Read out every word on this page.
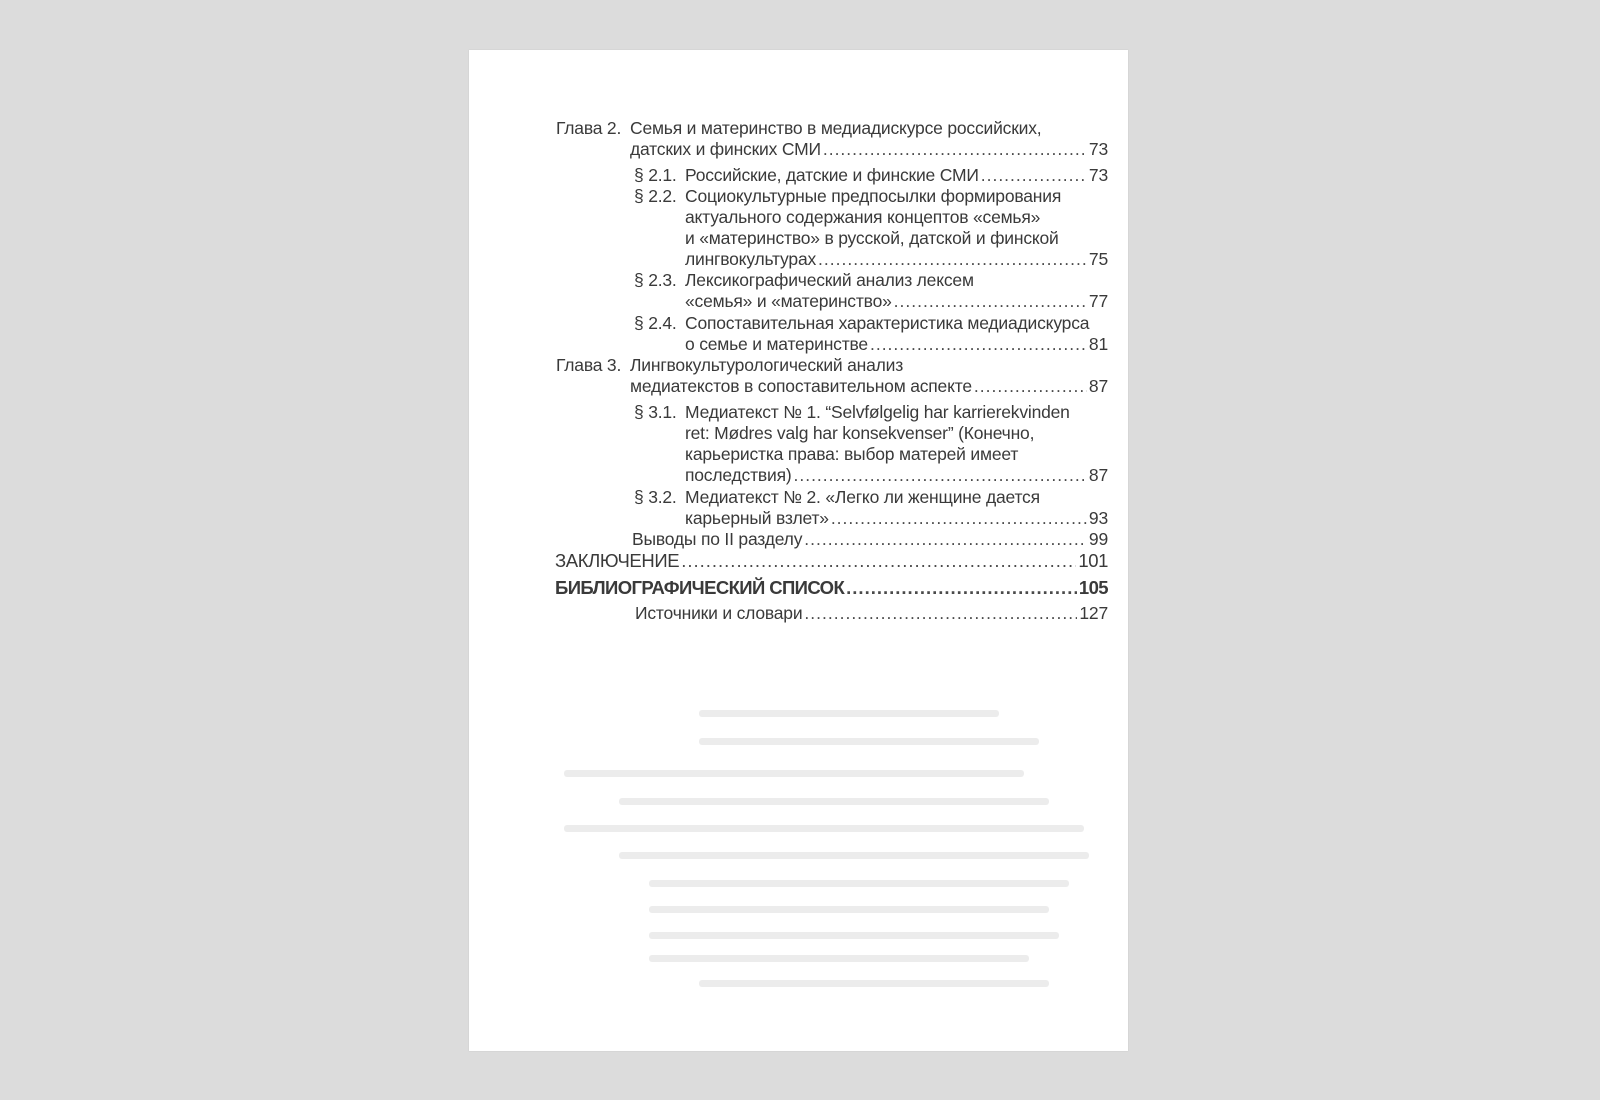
Глава 2. Семья и материнство в медиадискурсе российских,
датских и финских СМИ .....	73
§ 2.1. Российские, датские и финские СМИ .....	73
§ 2.2. Социокультурные предпосылки формирования
актуального содержания концептов «семья»
и «материнство» в русской, датской и финской
лингвокультурах .....	75
§ 2.3. Лексикографический анализ лексем
«семья» и «материнство» .....	77
§ 2.4. Сопоставительная характеристика медиадискурса
о семье и материнстве .....	81
Глава 3. Лингвокультурологический анализ
медиатекстов в сопоставительном аспекте .....	87
§ 3.1. Медиатекст № 1. “Selvfølgelig har karrierekvinden
ret: Mødres valg har konsekvenser” (Конечно,
карьеристка права: выбор матерей имеет
последствия) .....	87
§ 3.2. Медиатекст № 2. «Легко ли женщине дается
карьерный взлет» .....	93
Выводы по II разделу .....	99
ЗАКЛЮЧЕНИЕ .....	101
БИБЛИОГРАФИЧЕСКИЙ СПИСОК .....	105
Источники и словари .....	127
